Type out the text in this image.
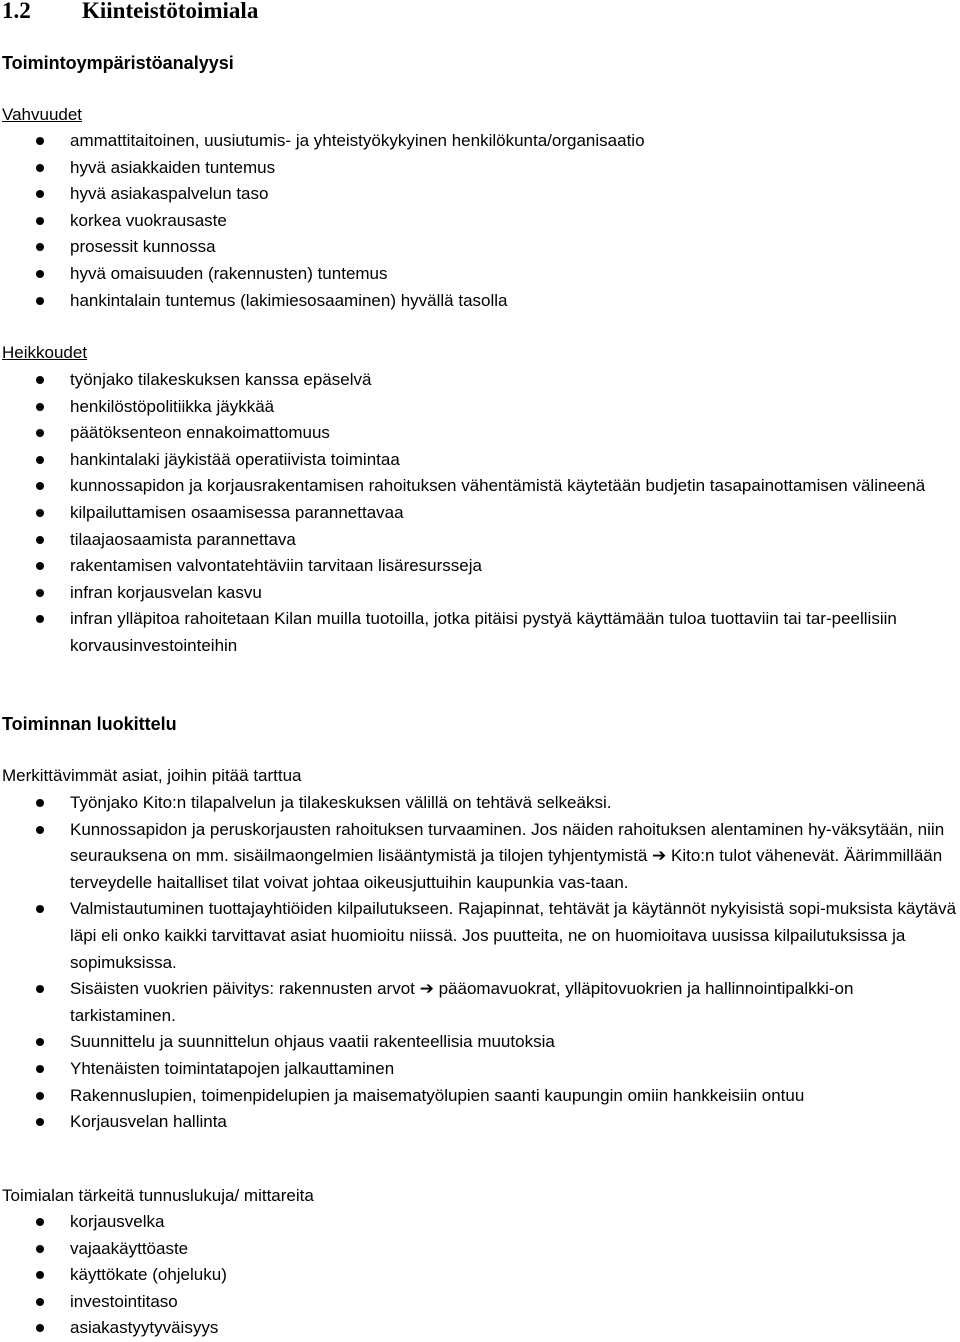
1.2 Kiinteistötoimiala
Toimintoympäristöanalyysi
Vahvuudet
ammattitaitoinen, uusiutumis- ja yhteistyökykyinen henkilökunta/organisaatio
hyvä asiakkaiden tuntemus
hyvä asiakaspalvelun taso
korkea vuokrausaste
prosessit kunnossa
hyvä omaisuuden (rakennusten) tuntemus
hankintalain tuntemus (lakimiesosaaminen) hyvällä tasolla
Heikkoudet
työnjako tilakeskuksen kanssa epäselvä
henkilöstöpolitiikka jäykkää
päätöksenteon ennakoimattomuus
hankintalaki jäykistää operatiivista toimintaa
kunnossapidon ja korjausrakentamisen rahoituksen vähentämistä käytetään budjetin tasapainottamisen välineenä
kilpailuttamisen osaamisessa parannettavaa
tilaajaosaamista parannettava
rakentamisen valvontatehtäviin tarvitaan lisäresursseja
infran korjausvelan kasvu
infran ylläpitoa rahoitetaan Kilan muilla tuotoilla, jotka pitäisi pystyä käyttämään tuloa tuottaviin tai tar-peellisiin korvausinvestointeihin
Toiminnan luokittelu
Merkittävimmät asiat, joihin pitää tarttua
Työnjako Kito:n tilapalvelun ja tilakeskuksen välillä on tehtävä selkeäksi.
Kunnossapidon ja peruskorjausten rahoituksen turvaaminen. Jos näiden rahoituksen alentaminen hy-väksytään, niin seurauksena on mm. sisäilmaongelmien lisääntymistä ja tilojen tyhjentymistä ➔ Kito:n tulot vähenevät. Äärimmillään terveydelle haitalliset tilat voivat johtaa oikeusjuttuihin kaupunkia vas-taan.
Valmistautuminen tuottajayhtiöiden kilpailutukseen. Rajapinnat, tehtävät ja käytännöt nykyisistä sopi-muksista käytävä läpi eli onko kaikki tarvittavat asiat huomioitu niissä. Jos puutteita, ne on huomioitava uusissa kilpailutuksissa ja sopimuksissa.
Sisäisten vuokrien päivitys: rakennusten arvot ➔ pääomavuokrat, ylläpitovuokrien ja hallinnointipalkki-on tarkistaminen.
Suunnittelu ja suunnittelun ohjaus vaatii rakenteellisia muutoksia
Yhtenäisten toimintatapojen jalkauttaminen
Rakennuslupien, toimenpidelupien ja maisematyölupien saanti kaupungin omiin hankkeisiin ontuu
Korjausvelan hallinta
Toimialan tärkeitä tunnuslukuja/ mittareita
korjausvelka
vajaakäyttöaste
käyttökate (ohjeluku)
investointitaso
asiakastyytyväisyys
